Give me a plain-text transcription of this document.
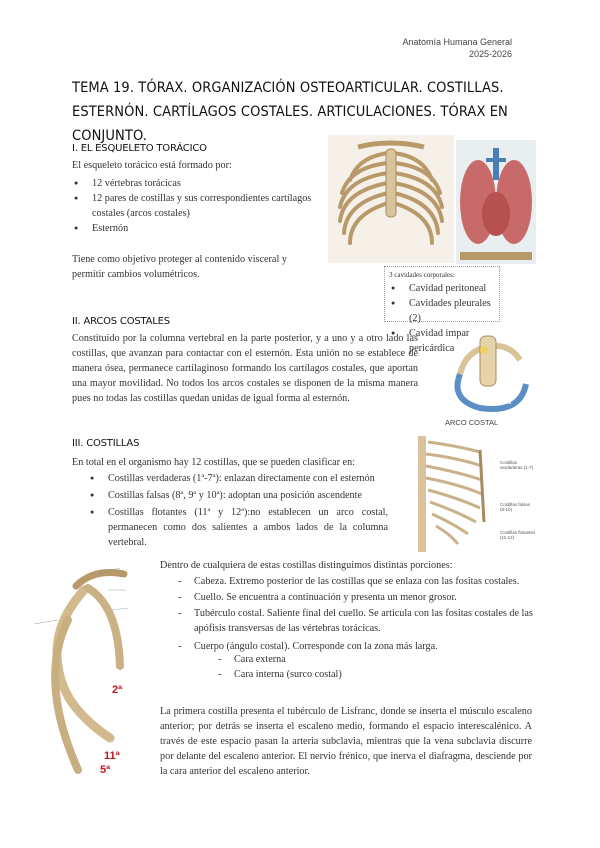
Anatomía Humana General
2025-2026
TEMA 19. TÓRAX. ORGANIZACIÓN OSTEOARTICULAR. COSTILLAS. ESTERNÓN. CARTÍLAGOS COSTALES. ARTICULACIONES. TÓRAX EN CONJUNTO.
I. EL ESQUELETO TORÁCICO
El esqueleto torácico está formado por:
● 12 vértebras torácicas
● 12 pares de costillas y sus correspondientes cartílagos costales (arcos costales)
● Esternón
Tiene como objetivo proteger al contenido visceral y permitir cambios volumétricos.	3 cavidades corporales:
● Cavidad peritoneal
● Cavidades pleurales (2)
● Cavidad impar pericárdica
II. ARCOS COSTALES
Constituido por la columna vertebral en la parte posterior, y a uno y a otro lado las costillas, que avanzan para contactar con el esternón. Esta unión no se establece de manera ósea, permanece cartilaginoso formando los cartílagos costales, que aportan una mayor movilidad. No todos los arcos costales se disponen de la misma manera pues no todas las costillas quedan unidas de igual forma al esternón.
b
d
ARCO COSTAL
III. COSTILLAS
En total en el organismo hay 12 costillas, que se pueden clasificar en:
● Costillas verdaderas (1ª-7ª): enlazan directamente con el esternón
● Costillas falsas (8ª, 9ª y 10ª): adoptan una posición ascendente
● Costillas flotantes (11ª y 12ª):no establecen un arco costal, permanecen como dos salientes a ambos lados de la columna vertebral.
Costillas verdaderas (1-7)
Costillas falsas (8-10)
Costillas flotantes (11-12)
Dentro de cualquiera de estas costillas distinguimos distintas porciones:
- Cabeza. Extremo posterior de las costillas que se enlaza con las fositas costales.
- Cuello. Se encuentra a continuación y presenta un menor grosor.
- Tubérculo costal. Saliente final del cuello. Se articula con las fositas costales de las apófisis transversas de las vértebras torácicas.
- Cuerpo (ángulo costal). Corresponde con la zona más larga.
- Cara externa
- Cara interna (surco costal)
2ª
11ª
5ª
La primera costilla presenta el tubérculo de Lisfranc, donde se inserta el músculo escaleno anterior; por detrás se inserta el escaleno medio, formando el espacio interescalénico. A través de este espacio pasan la arteria subclavia, mientras que la vena subclavia discurre por delante del escaleno anterior. El nervio frénico, que inerva el diafragma, desciende por la cara anterior del escaleno anterior.
